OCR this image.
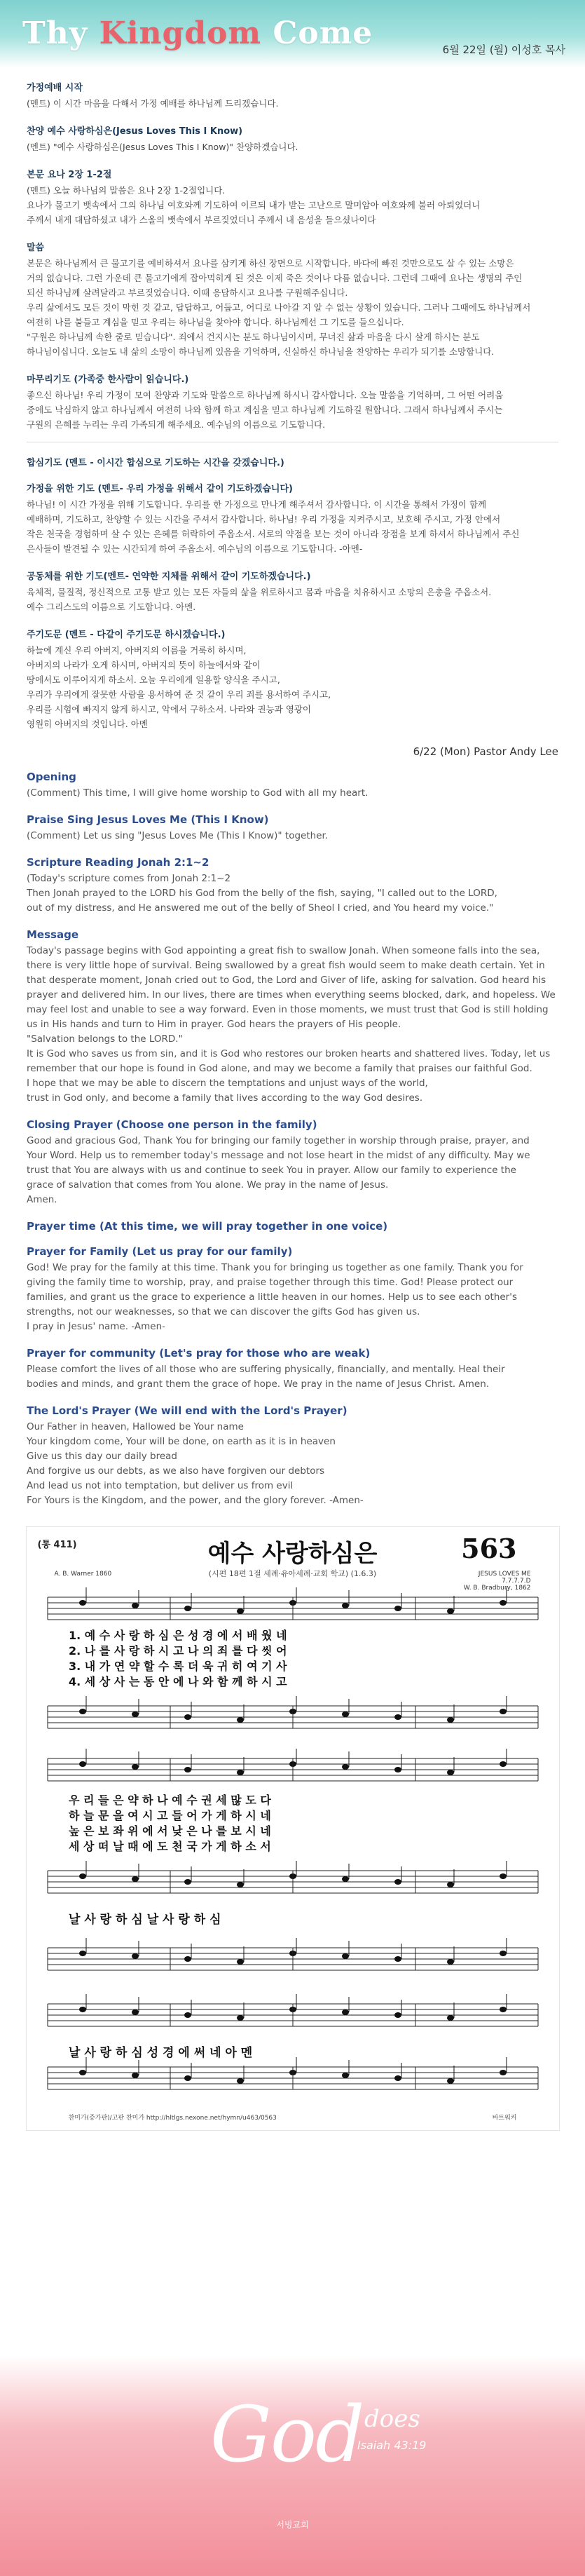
Thy Kingdom Come	6월 22일 (월) 이성호 목사

가정예배 시작

(멘트) 이 시간 마음을 다해서 가정 예배를 하나님께 드리겠습니다.

찬양 예수 사랑하심은(Jesus Loves This I Know)

(멘트) "예수 사랑하심은(Jesus Loves This I Know)" 찬양하겠습니다.

본문 요나 2장 1-2절

(멘트) 오늘 하나님의 말씀은 요나 2장 1-2절입니다.

요나가 물고기 뱃속에서 그의 하나님 여호와께 기도하여 이르되 내가 받는 고난으로 말미암아 여호와께 불러 아뢰었더니

주께서 내게 대답하셨고 내가 스올의 뱃속에서 부르짖었더니 주께서 내 음성을 들으셨나이다

말씀

본문은 하나님께서 큰 물고기를 예비하셔서 요나를 삼키게 하신 장면으로 시작합니다. 바다에 빠진 것만으로도 살 수 있는 소망은

거의 없습니다. 그런 가운데 큰 물고기에게 잡아먹히게 된 것은 이제 죽은 것이나 다름 없습니다. 그런데 그때에 요나는 생명의 주인

되신 하나님께 살려달라고 부르짖었습니다. 이때 응답하시고 요나를 구원해주십니다.

우리 삶에서도 모든 것이 막힌 것 같고, 답답하고, 어둡고, 어디로 나아갈 지 알 수 없는 상황이 있습니다. 그러나 그때에도 하나님께서

여전히 나를 붙들고 계심을 믿고 우리는 하나님을 찾아야 합니다. 하나님께선 그 기도를 들으십니다.

"구원은 하나님께 속한 줄로 믿습니다". 죄에서 건지시는 분도 하나님이시며, 무너진 삶과 마음을 다시 살게 하시는 분도

하나님이십니다. 오늘도 내 삶의 소망이 하나님께 있음을 기억하며, 신실하신 하나님을 찬양하는 우리가 되기를 소망합니다.

마무리기도 (가족중 한사람이 읽습니다.)

좋으신 하나님! 우리 가정이 모여 찬양과 기도와 말씀으로 하나님께 하시니 감사합니다. 오늘 말씀을 기억하며, 그 어떤 어려움

중에도 낙심하지 않고 하나님께서 여전히 나와 함께 하고 계심을 믿고 하나님께 기도하길 원합니다. 그래서 하나님께서 주시는

구원의 은혜를 누리는 우리 가족되게 해주세요. 예수님의 이름으로 기도합니다.

합심기도 (멘트 - 이시간 합심으로 기도하는 시간을 갖겠습니다.)

가정을 위한 기도 (멘트- 우리 가정을 위해서 같이 기도하겠습니다)

하나님! 이 시간 가정을 위해 기도합니다. 우리를 한 가정으로 만나게 해주셔서 감사합니다. 이 시간을 통해서 가정이 함께

예배하며, 기도하고, 찬양할 수 있는 시간을 주셔서 감사합니다. 하나님! 우리 가정을 지켜주시고, 보호해 주시고, 가정 안에서

작은 천국을 경험하며 살 수 있는 은혜를 허락하여 주옵소서. 서로의 약점을 보는 것이 아니라 장점을 보게 하셔서 하나님께서 주신

은사들이 발견될 수 있는 시간되게 하여 주옵소서. 예수님의 이름으로 기도합니다. -아멘-

공동체를 위한 기도(멘트- 연약한 지체를 위해서 같이 기도하겠습니다.)

육체적, 물질적, 정신적으로 고통 받고 있는 모든 자들의 삶을 위로하시고 몸과 마음을 치유하시고 소망의 은총을 주옵소서.

예수 그리스도의 이름으로 기도합니다. 아멘.

주기도문 (멘트 - 다같이 주기도문 하시겠습니다.)

하늘에 계신 우리 아버지, 아버지의 이름을 거룩히 하시며,

아버지의 나라가 오게 하시며, 아버지의 뜻이 하늘에서와 같이

땅에서도 이루어지게 하소서. 오늘 우리에게 일용할 양식을 주시고,

우리가 우리에게 잘못한 사람을 용서하여 준 것 같이 우리 죄를 용서하여 주시고,

우리를 시험에 빠지지 않게 하시고, 악에서 구하소서. 나라와 권능과 영광이

영원히 아버지의 것입니다. 아멘

6/22 (Mon) Pastor Andy Lee

Opening

(Comment) This time, I will give home worship to God with all my heart.

Praise Sing Jesus Loves Me (This I Know)

(Comment) Let us sing "Jesus Loves Me (This I Know)" together.

Scripture Reading Jonah 2:1~2

(Today's scripture comes from Jonah 2:1~2

Then Jonah prayed to the LORD his God from the belly of the fish, saying, "I called out to the LORD,

out of my distress, and He answered me out of the belly of Sheol I cried, and You heard my voice."

Message

Today's passage begins with God appointing a great fish to swallow Jonah. When someone falls into the sea,

there is very little hope of survival. Being swallowed by a great fish would seem to make death certain. Yet in

that desperate moment, Jonah cried out to God, the Lord and Giver of life, asking for salvation. God heard his

prayer and delivered him. In our lives, there are times when everything seems blocked, dark, and hopeless. We

may feel lost and unable to see a way forward. Even in those moments, we must trust that God is still holding

us in His hands and turn to Him in prayer. God hears the prayers of His people.

"Salvation belongs to the LORD."

It is God who saves us from sin, and it is God who restores our broken hearts and shattered lives. Today, let us

remember that our hope is found in God alone, and may we become a family that praises our faithful God.

I hope that we may be able to discern the temptations and unjust ways of the world,

trust in God only, and become a family that lives according to the way God desires.

Closing Prayer (Choose one person in the family)

Good and gracious God, Thank You for bringing our family together in worship through praise, prayer, and

Your Word. Help us to remember today's message and not lose heart in the midst of any difficulty. May we

trust that You are always with us and continue to seek You in prayer. Allow our family to experience the

grace of salvation that comes from You alone. We pray in the name of Jesus.

Amen.

Prayer time (At this time, we will pray together in one voice)

Prayer for Family (Let us pray for our family)

God! We pray for the family at this time. Thank you for bringing us together as one family. Thank you for

giving the family time to worship, pray, and praise together through this time. God! Please protect our

families, and grant us the grace to experience a little heaven in our homes. Help us to see each other's

strengths, not our weaknesses, so that we can discover the gifts God has given us.

I pray in Jesus' name. -Amen-

Prayer for community (Let's pray for those who are weak)

Please comfort the lives of all those who are suffering physically, financially, and mentally. Heal their

bodies and minds, and grant them the grace of hope. We pray in the name of Jesus Christ. Amen.

The Lord's Prayer (We will end with the Lord's Prayer)

Our Father in heaven, Hallowed be Your name

Your kingdom come, Your will be done, on earth as it is in heaven

Give us this day our daily bread

And forgive us our debts, as we also have forgiven our debtors

And lead us not into temptation, but deliver us from evil

For Yours is the Kingdom, and the power, and the glory forever. -Amen-

(통 411)	예수 사랑하심은	563
(시편 18편 1절 세례·유아세례·교회 학교) (1.6.3)
A. B. Warner 1860	JESUS LOVES ME
7.7.7.7.D
W. B. Bradbury, 1862
1. 예 수 사 랑 하 심 은 성 경 에 서 배 웠 네
2. 나 를 사 랑 하 시 고 나 의 죄 를 다 씻 어
3. 내 가 연 약 할 수 록 더 욱 귀 히 여 기 사
4. 세 상 사 는 동 안 에 나 와 함 께 하 시 고
우 리 들 은 약 하 나 예 수 권 세 많 도 다
하 늘 문 을 여 시 고 들 어 가 게 하 시 네
높 은 보 좌 위 에 서 낮 은 나 를 보 시 네
세 상 떠 날 때 에 도 천 국 가 게 하 소 서
날 사 랑 하 심 날 사 랑 하 심
날 사 랑 하 심 성 경 에 써 네 아 멘
찬미가(증가판)/고판 찬미가 http://hltlgs.nexone.net/hymn/u463/0563	바트워커
God does
Isaiah 43:19
서빙교회
